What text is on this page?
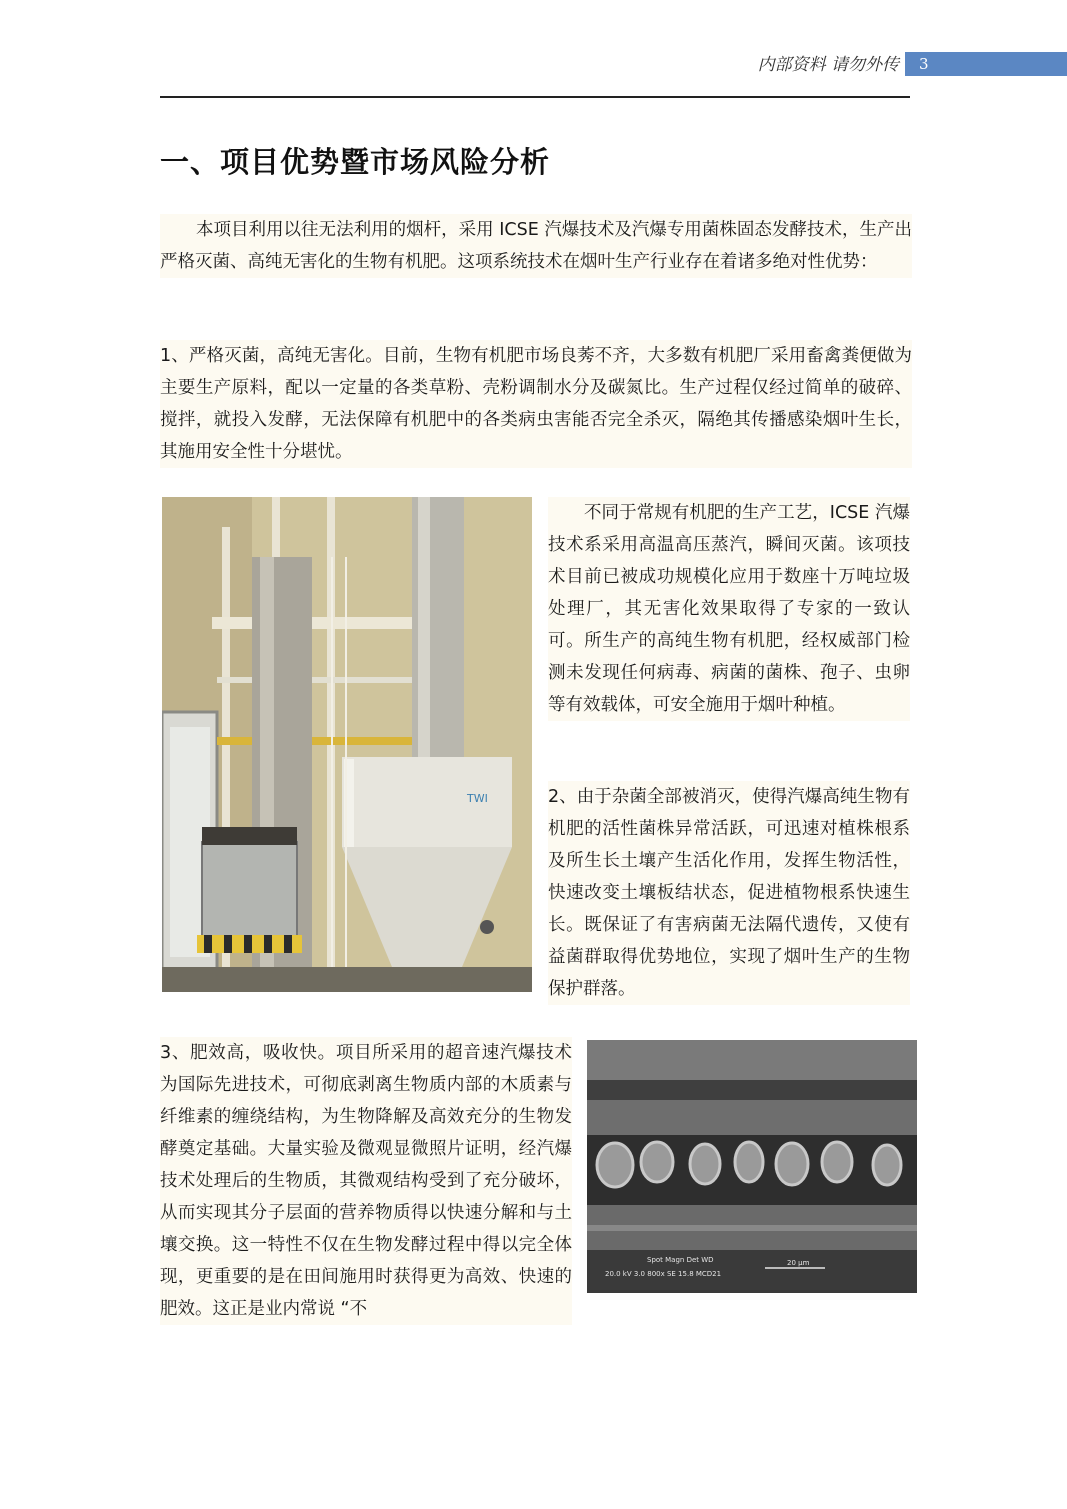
内部资料 请勿外传	3
一、项目优势暨市场风险分析

本项目利用以往无法利用的烟杆，采用 ICSE 汽爆技术及汽爆专用菌株固态发酵技术，生产出严格灭菌、高纯无害化的生物有机肥。这项系统技术在烟叶生产行业存在着诸多绝对性优势：

1、严格灭菌，高纯无害化。目前，生物有机肥市场良莠不齐，大多数有机肥厂采用畜禽粪便做为主要生产原料，配以一定量的各类草粉、壳粉调制水分及碳氮比。生产过程仅经过简单的破碎、搅拌，就投入发酵，无法保障有机肥中的各类病虫害能否完全杀灭，隔绝其传播感染烟叶生长，其施用安全性十分堪忧。

TWI

不同于常规有机肥的生产工艺，ICSE 汽爆技术系采用高温高压蒸汽，瞬间灭菌。该项技术目前已被成功规模化应用于数座十万吨垃圾处理厂，其无害化效果取得了专家的一致认可。所生产的高纯生物有机肥，经权威部门检测未发现任何病毒、病菌的菌株、孢子、虫卵等有效载体，可安全施用于烟叶种植。

2、由于杂菌全部被消灭，使得汽爆高纯生物有机肥的活性菌株异常活跃，可迅速对植株根系及所生长土壤产生活化作用，发挥生物活性，快速改变土壤板结状态，促进植物根系快速生长。既保证了有害病菌无法隔代遗传，又使有益菌群取得优势地位，实现了烟叶生产的生物保护群落。

3、肥效高，吸收快。项目所采用的超音速汽爆技术为国际先进技术，可彻底剥离生物质内部的木质素与纤维素的缠绕结构，为生物降解及高效充分的生物发酵奠定基础。大量实验及微观显微照片证明，经汽爆技术处理后的生物质，其微观结构受到了充分破坏，从而实现其分子层面的营养物质得以快速分解和与土壤交换。这一特性不仅在生物发酵过程中得以完全体现，更重要的是在田间施用时获得更为高效、快速的肥效。这正是业内常说 “不

Spot Magn Det WD
20.0 kV 3.0 800x SE 15.8 MCD21
20 μm
